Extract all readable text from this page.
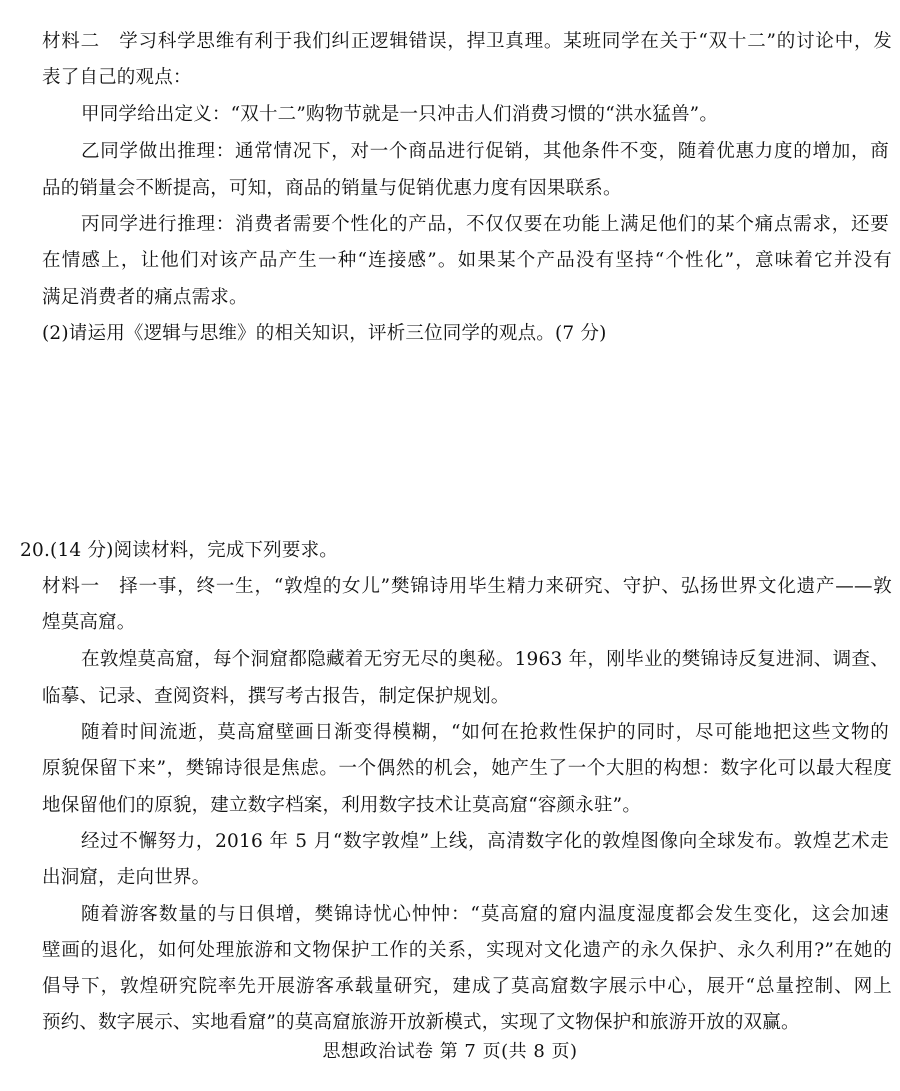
材料二　学习科学思维有利于我们纠正逻辑错误，捍卫真理。某班同学在关于“双十二”的讨论中，发
表了自己的观点：
甲同学给出定义：“双十二”购物节就是一只冲击人们消费习惯的“洪水猛兽”。
乙同学做出推理：通常情况下，对一个商品进行促销，其他条件不变，随着优惠力度的增加，商
品的销量会不断提高，可知，商品的销量与促销优惠力度有因果联系。
丙同学进行推理：消费者需要个性化的产品，不仅仅要在功能上满足他们的某个痛点需求，还要
在情感上，让他们对该产品产生一种“连接感”。如果某个产品没有坚持“个性化”，意味着它并没有
满足消费者的痛点需求。
(2)请运用《逻辑与思维》的相关知识，评析三位同学的观点。(7 分)
20.(14 分)阅读材料，完成下列要求。
材料一　择一事，终一生，“敦煌的女儿”樊锦诗用毕生精力来研究、守护、弘扬世界文化遗产——敦
煌莫高窟。
在敦煌莫高窟，每个洞窟都隐藏着无穷无尽的奥秘。1963 年，刚毕业的樊锦诗反复进洞、调查、
临摹、记录、查阅资料，撰写考古报告，制定保护规划。
随着时间流逝，莫高窟壁画日渐变得模糊，“如何在抢救性保护的同时，尽可能地把这些文物的
原貌保留下来”，樊锦诗很是焦虑。一个偶然的机会，她产生了一个大胆的构想：数字化可以最大程度
地保留他们的原貌，建立数字档案，利用数字技术让莫高窟“容颜永驻”。
经过不懈努力，2016 年 5 月“数字敦煌”上线，高清数字化的敦煌图像向全球发布。敦煌艺术走
出洞窟，走向世界。
随着游客数量的与日俱增，樊锦诗忧心忡忡：“莫高窟的窟内温度湿度都会发生变化，这会加速
壁画的退化，如何处理旅游和文物保护工作的关系，实现对文化遗产的永久保护、永久利用?”在她的
倡导下，敦煌研究院率先开展游客承载量研究，建成了莫高窟数字展示中心，展开“总量控制、网上
预约、数字展示、实地看窟”的莫高窟旅游开放新模式，实现了文物保护和旅游开放的双赢。
思想政治试卷 第 7 页(共 8 页)
